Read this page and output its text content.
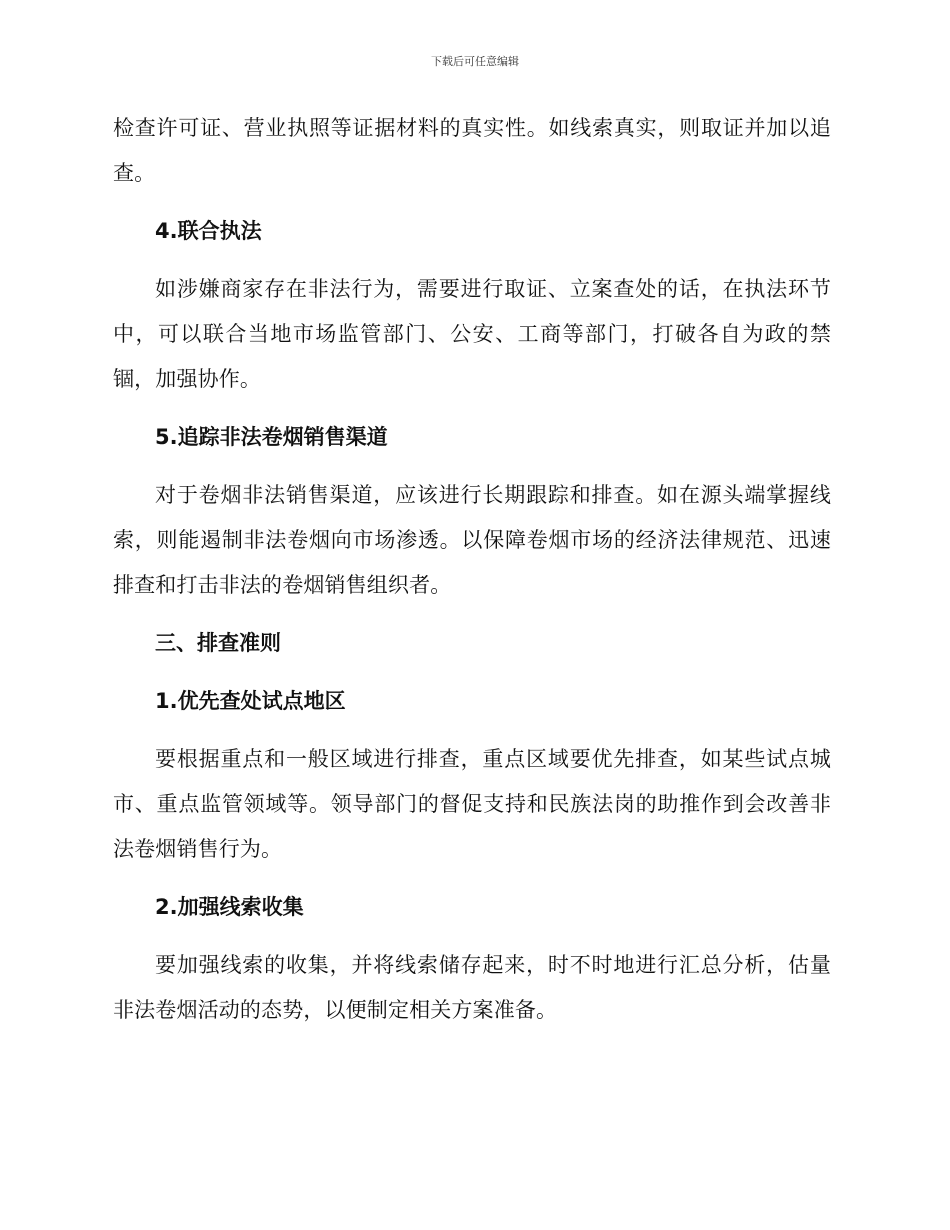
下载后可任意编辑

检查许可证、营业执照等证据材料的真实性。如线索真实，则取证并加以追查。

4.联合执法

如涉嫌商家存在非法行为，需要进行取证、立案查处的话，在执法环节中，可以联合当地市场监管部门、公安、工商等部门，打破各自为政的禁锢，加强协作。

5.追踪非法卷烟销售渠道

对于卷烟非法销售渠道，应该进行长期跟踪和排查。如在源头端掌握线索，则能遏制非法卷烟向市场渗透。以保障卷烟市场的经济法律规范、迅速排查和打击非法的卷烟销售组织者。

三、排查准则

1.优先查处试点地区

要根据重点和一般区域进行排查，重点区域要优先排查，如某些试点城市、重点监管领域等。领导部门的督促支持和民族法岗的助推作到会改善非法卷烟销售行为。

2.加强线索收集

要加强线索的收集，并将线索储存起来，时不时地进行汇总分析，估量非法卷烟活动的态势，以便制定相关方案准备。
